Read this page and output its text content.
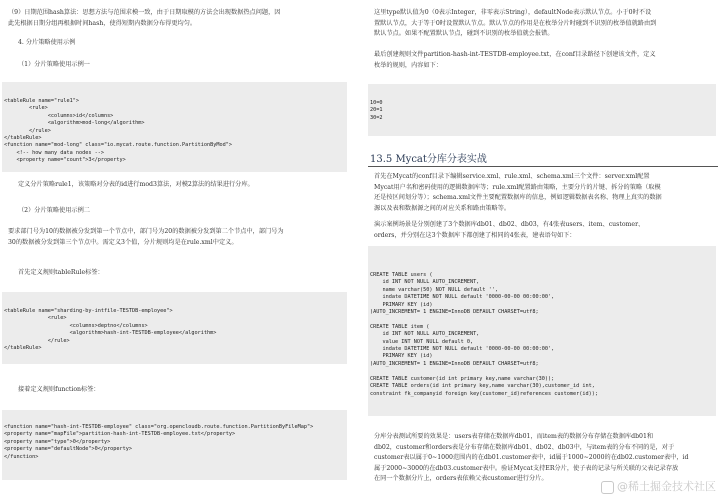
（9）日期范围hash算法：思想方法与范围求模一致，由于日期取模的方法会出现数据热点问题，因
此先根据日期分组再根据时间hash，使得短期内数据分布得更均匀。
4. 分片策略使用示例
（1）分片策略使用示例一
<tableRule name="rule1">
<rule>
<columns>id</columns>
<algorithm>mod-long</algorithm>
</rule>
</tableRule>
<function name="mod-long" class="io.mycat.route.function.PartitionByMod">
<!-- how many data nodes -->
<property name="count">3</property>
定义分片策略rule1，该策略对分表的id进行mod3算法，对模2算法的结果进行分库。
（2）分片策略使用示例二
要求部门号为10的数据被分发到第一个节点中，部门号为20的数据被分发到第二个节点中，部门号为
30的数据被分发到第三个节点中。需定义3个值，分片规则均是在rule.xml中定义。
首先定义规则tableRule标签：
<tableRule name="sharding-by-intfile-TESTDB-employee">
<rule>
<columns>deptno</columns>
<algorithm>hash-int-TESTDB-employee</algorithm>
</rule>
</tableRule>
接着定义规则function标签：
<function name="hash-int-TESTDB-employee" class="org.opencloudb.route.function.PartitionByFileMap">
<property name="mapFile">partition-hash-int-TESTDB-employee.txt</property>
<property name="type">0</property>
<property name="defaultNode">0</property>
</function>
这里type默认值为0（0表示Integer，非零表示String），defaultNode表示默认节点。小于0时不设
置默认节点，大于等于0时设置默认节点。默认节点的作用是在枚举分片时碰到不识别的枚举值就路由到
默认节点。如果不配置默认节点，碰到不识别的枚举值就会报错。
最后创建规则文件partition-hash-int-TESTDB-employee.txt，在conf目录路径下创建该文件，定义
枚举的规则，内容如下：
10=0
20=1
30=2
13.5 Mycat分库分表实战
首先在Mycat的conf目录下编辑service.xml、rule.xml、schema.xml三个文件：server.xml配置
Mycat用户名和密码使用的逻辑数据库等；rule.xml配置路由策略，主要分片的片键、拆分的策略（取模
还是按区间划分等）；schema.xml文件主要配置数据库的信息，例如逻辑数据表名称、物理上真实的数据
源以及表和数据源之间的对应关系和路由策略等。
演示案例场景是分别创建了3个数据库db01、db02、db03，有4张表users、item、customer、
orders，并分别在这3个数据库下都创建了相同的4张表，建表语句如下：
CREATE TABLE users (
id INT NOT NULL AUTO_INCREMENT,
name varchar(50) NOT NULL default '',
indate DATETIME NOT NULL default '0000-00-00 00:00:00',
PRIMARY KEY (id)
)AUTO_INCREMENT= 1 ENGINE=InnoDB DEFAULT CHARSET=utf8;

CREATE TABLE item (
id INT NOT NULL AUTO_INCREMENT,
value INT NOT NULL default 0,
indate DATETIME NOT NULL default '0000-00-00 00:00:00',
PRIMARY KEY (id)
)AUTO_INCREMENT= 1 ENGINE=InnoDB DEFAULT CHARSET=utf8;

CREATE TABLE customer(id int primary key,name varchar(30));
CREATE TABLE orders(id int primary key,name varchar(30),customer_id int,
constraint fk_companyid foreign key(customer_id)references customer(id));
分库分表测试所要的效果是：users表存储在数据库db01，而item表的数据分布存储在数据库db01和
db02，customer和orders表是分布存储在数据库db01、db02、db03中，与item表的分布不同的是，对于
customer表以属于0~1000范围内的在db01.customer表中，id属于1000~2000的在db02.customer表中，id
属于2000~3000的在db03.customer表中。验证Mycat支持ER分片，使子表的记录与所关联的父表记录存放
在同一个数据分片上，orders表依赖父表customer进行分片。
@稀土掘金技术社区
